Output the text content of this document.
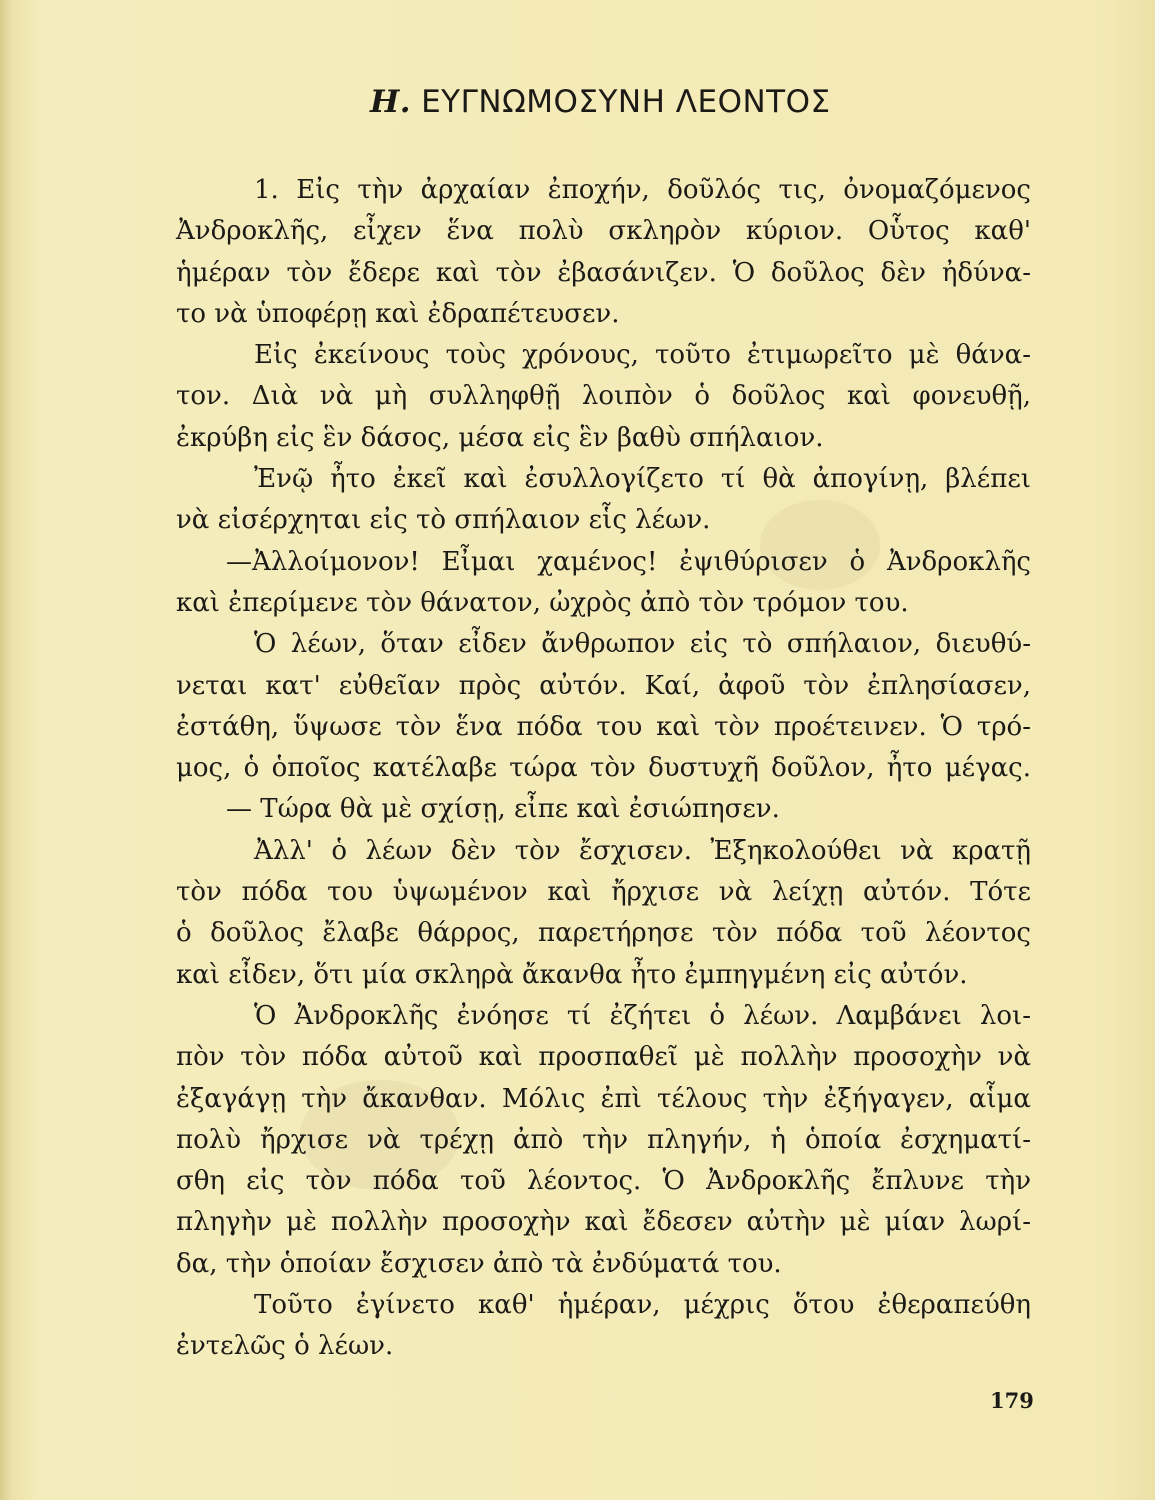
Η. ΕΥΓΝΩΜΟΣΥΝΗ ΛΕΟΝΤΟΣ

1. Εἰς τὴν ἀρχαίαν ἐποχήν, δοῦλός τις, ὀνομαζόμενος

Ἀνδροκλῆς, εἶχεν ἕνα πολὺ σκληρὸν κύριον. Οὗτος καθ'

ἡμέραν τὸν ἔδερε καὶ τὸν ἐβασάνιζεν. Ὁ δοῦλος δὲν ἠδύνα-

το νὰ ὑποφέρῃ καὶ ἐδραπέτευσεν.

Εἰς ἐκείνους τοὺς χρόνους, τοῦτο ἐτιμωρεῖτο μὲ θάνα-

τον. Διὰ νὰ μὴ συλληφθῇ λοιπὸν ὁ δοῦλος καὶ φονευθῇ,

ἐκρύβη εἰς ἓν δάσος, μέσα εἰς ἓν βαθὺ σπήλαιον.

Ἐνῷ ἦτο ἐκεῖ καὶ ἐσυλλογίζετο τί θὰ ἀπογίνῃ, βλέπει

νὰ εἰσέρχηται εἰς τὸ σπήλαιον εἷς λέων.

—Ἀλλοίμονον! Εἶμαι χαμένος! ἐψιθύρισεν ὁ Ἀνδροκλῆς

καὶ ἐπερίμενε τὸν θάνατον, ὠχρὸς ἀπὸ τὸν τρόμον του.

Ὁ λέων, ὅταν εἶδεν ἄνθρωπον εἰς τὸ σπήλαιον, διευθύ-

νεται κατ' εὐθεῖαν πρὸς αὐτόν. Καί, ἀφοῦ τὸν ἐπλησίασεν,

ἐστάθη, ὕψωσε τὸν ἕνα πόδα του καὶ τὸν προέτεινεν. Ὁ τρό-

μος, ὁ ὁποῖος κατέλαβε τώρα τὸν δυστυχῆ δοῦλον, ἦτο μέγας.

— Τώρα θὰ μὲ σχίσῃ, εἶπε καὶ ἐσιώπησεν.

Ἀλλ' ὁ λέων δὲν τὸν ἔσχισεν. Ἐξηκολούθει νὰ κρατῇ

τὸν πόδα του ὑψωμένον καὶ ἤρχισε νὰ λείχῃ αὐτόν. Τότε

ὁ δοῦλος ἔλαβε θάρρος, παρετήρησε τὸν πόδα τοῦ λέοντος

καὶ εἶδεν, ὅτι μία σκληρὰ ἄκανθα ἦτο ἐμπηγμένη εἰς αὐτόν.

Ὁ Ἀνδροκλῆς ἐνόησε τί ἐζήτει ὁ λέων. Λαμβάνει λοι-

πὸν τὸν πόδα αὐτοῦ καὶ προσπαθεῖ μὲ πολλὴν προσοχὴν νὰ

ἐξαγάγῃ τὴν ἄκανθαν. Μόλις ἐπὶ τέλους τὴν ἐξήγαγεν, αἷμα

πολὺ ἤρχισε νὰ τρέχῃ ἀπὸ τὴν πληγήν, ἡ ὁποία ἐσχηματί-

σθη εἰς τὸν πόδα τοῦ λέοντος. Ὁ Ἀνδροκλῆς ἔπλυνε τὴν

πληγὴν μὲ πολλὴν προσοχὴν καὶ ἔδεσεν αὐτὴν μὲ μίαν λωρί-

δα, τὴν ὁποίαν ἔσχισεν ἀπὸ τὰ ἐνδύματά του.

Τοῦτο ἐγίνετο καθ' ἡμέραν, μέχρις ὅτου ἐθεραπεύθη

ἐντελῶς ὁ λέων.

179
